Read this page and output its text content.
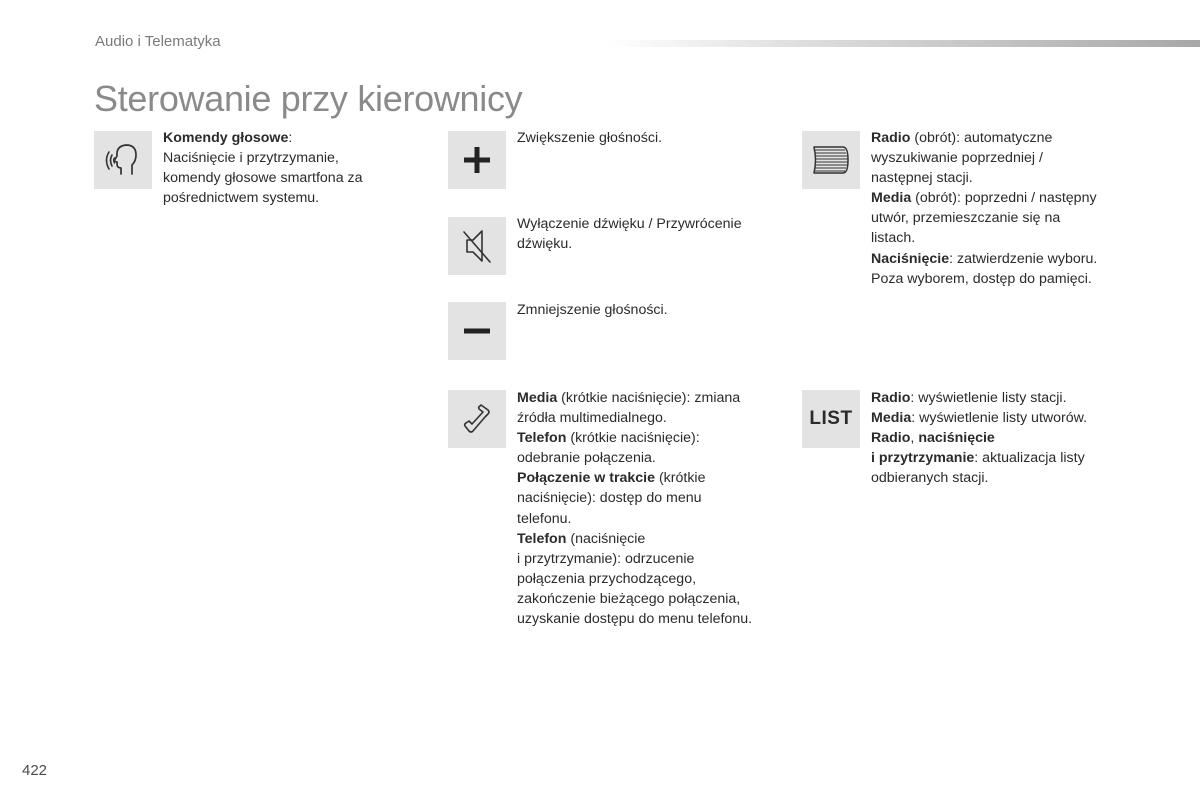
Audio i Telematyka
Sterowanie przy kierownicy

Komendy głosowe:

Naciśnięcie i przytrzymanie,

komendy głosowe smartfona za

pośrednictwem systemu.

Zwiększenie głośności.

Wyłączenie dźwięku / Przywrócenie

dźwięku.

Zmniejszenie głośności.

Media (krótkie naciśnięcie): zmiana

źródła multimedialnego.

Telefon (krótkie naciśnięcie):

odebranie połączenia.

Połączenie w trakcie (krótkie

naciśnięcie): dostęp do menu

telefonu.

Telefon (naciśnięcie

i przytrzymanie): odrzucenie

połączenia przychodzącego,

zakończenie bieżącego połączenia,

uzyskanie dostępu do menu telefonu.

Radio (obrót): automatyczne

wyszukiwanie poprzedniej /

następnej stacji.

Media (obrót): poprzedni / następny

utwór, przemieszczanie się na

listach.

Naciśnięcie: zatwierdzenie wyboru.

Poza wyborem, dostęp do pamięci.

LIST

Radio: wyświetlenie listy stacji.

Media: wyświetlenie listy utworów.

Radio, naciśnięcie

i przytrzymanie: aktualizacja listy

odbieranych stacji.

422
